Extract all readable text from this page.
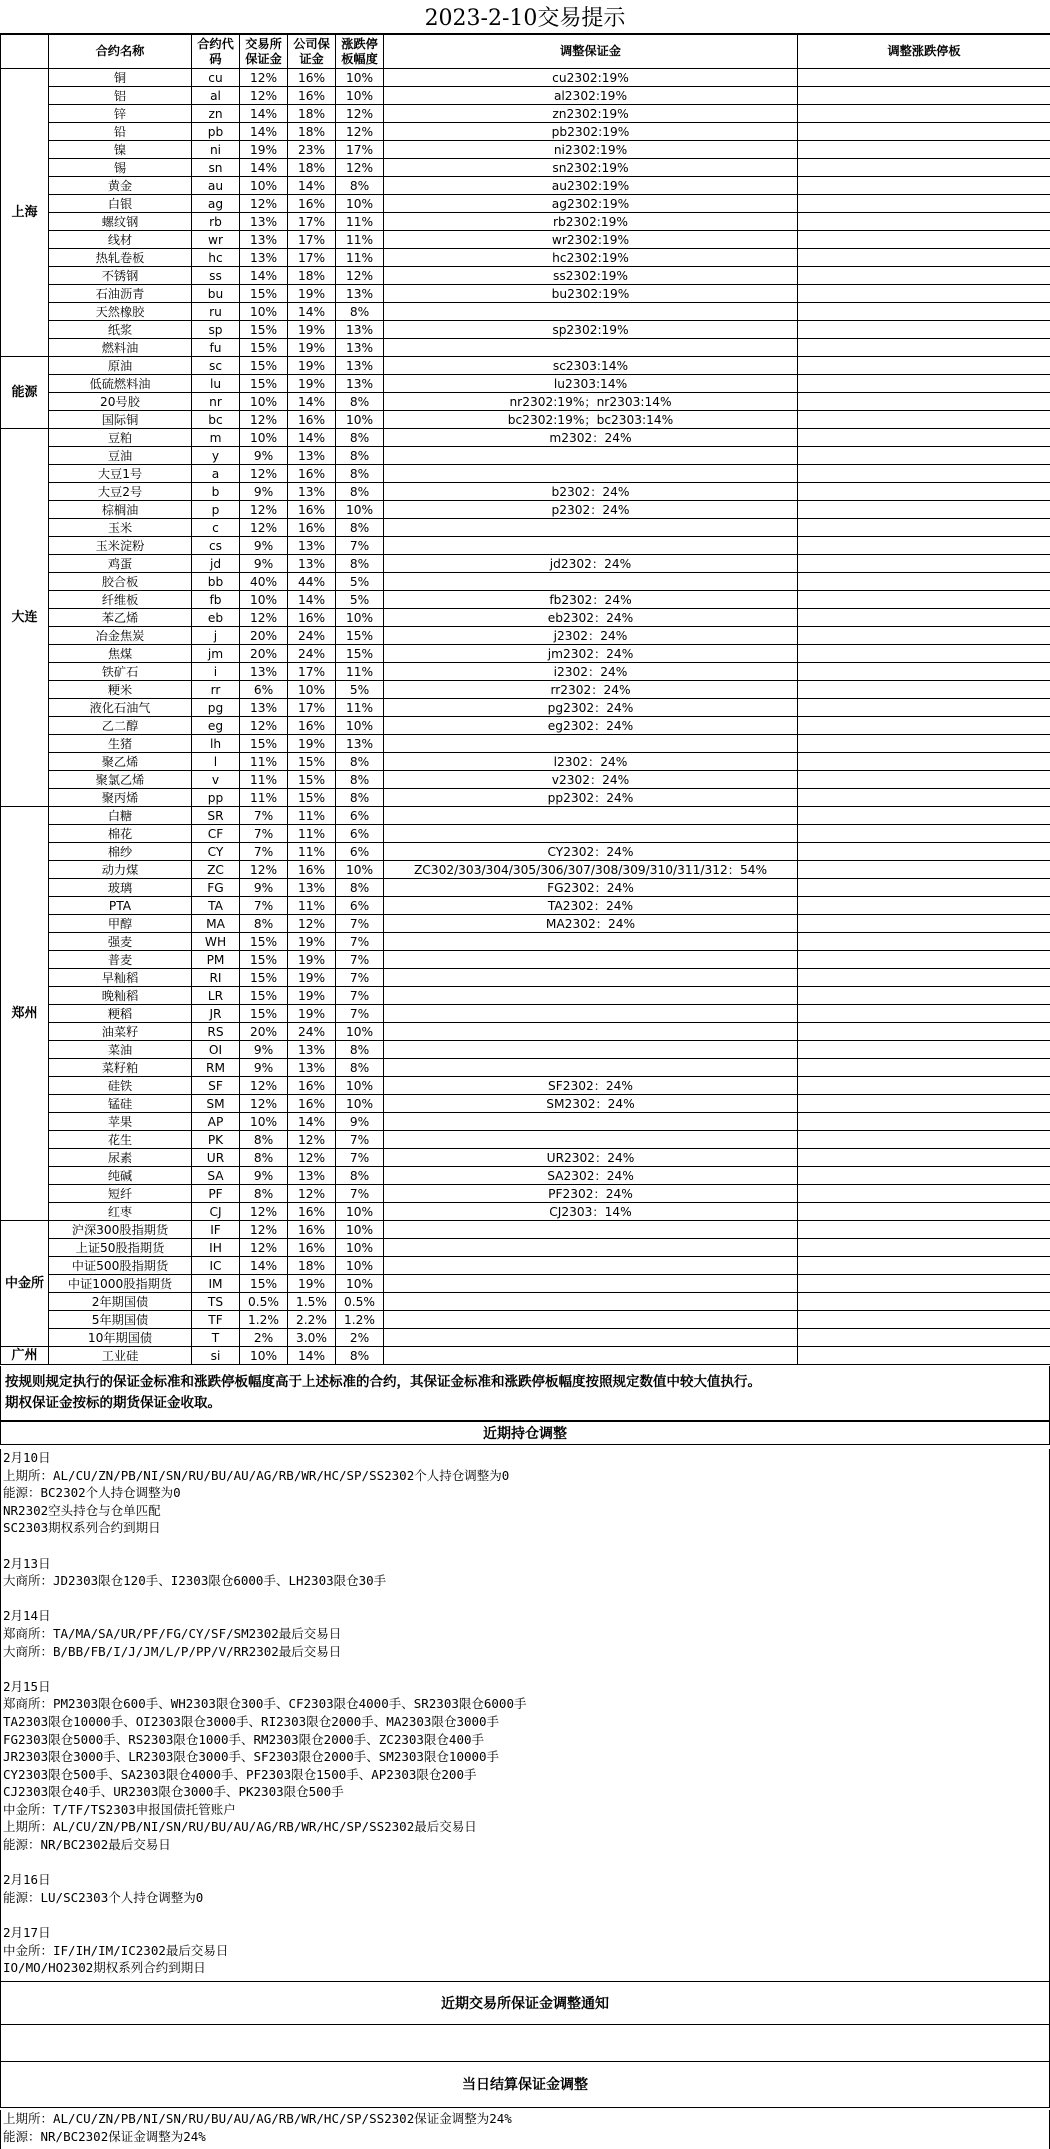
2023-2-10交易提示
	合约名称	合约代码	交易所保证金	公司保证金	涨跌停板幅度	调整保证金	调整涨跌停板
上海	铜	cu	12%	16%	10%	cu2302:19%	
	铝	al	12%	16%	10%	al2302:19%	
	锌	zn	14%	18%	12%	zn2302:19%	
	铅	pb	14%	18%	12%	pb2302:19%	
	镍	ni	19%	23%	17%	ni2302:19%	
	锡	sn	14%	18%	12%	sn2302:19%	
	黄金	au	10%	14%	8%	au2302:19%	
	白银	ag	12%	16%	10%	ag2302:19%	
	螺纹钢	rb	13%	17%	11%	rb2302:19%	
	线材	wr	13%	17%	11%	wr2302:19%	
	热轧卷板	hc	13%	17%	11%	hc2302:19%	
	不锈钢	ss	14%	18%	12%	ss2302:19%	
	石油沥青	bu	15%	19%	13%	bu2302:19%	
	天然橡胶	ru	10%	14%	8%		
	纸浆	sp	15%	19%	13%	sp2302:19%	
	燃料油	fu	15%	19%	13%		
能源	原油	sc	15%	19%	13%	sc2303:14%	
	低硫燃料油	lu	15%	19%	13%	lu2303:14%	
	20号胶	nr	10%	14%	8%	nr2302:19%；nr2303:14%	
	国际铜	bc	12%	16%	10%	bc2302:19%；bc2303:14%	
大连	豆粕	m	10%	14%	8%	m2302：24%	
	豆油	y	9%	13%	8%		
	大豆1号	a	12%	16%	8%		
	大豆2号	b	9%	13%	8%	b2302：24%	
	棕榈油	p	12%	16%	10%	p2302：24%	
	玉米	c	12%	16%	8%		
	玉米淀粉	cs	9%	13%	7%		
	鸡蛋	jd	9%	13%	8%	jd2302：24%	
	胶合板	bb	40%	44%	5%		
	纤维板	fb	10%	14%	5%	fb2302：24%	
	苯乙烯	eb	12%	16%	10%	eb2302：24%	
	冶金焦炭	j	20%	24%	15%	j2302：24%	
	焦煤	jm	20%	24%	15%	jm2302：24%	
	铁矿石	i	13%	17%	11%	i2302：24%	
	粳米	rr	6%	10%	5%	rr2302：24%	
	液化石油气	pg	13%	17%	11%	pg2302：24%	
	乙二醇	eg	12%	16%	10%	eg2302：24%	
	生猪	lh	15%	19%	13%		
	聚乙烯	l	11%	15%	8%	l2302：24%	
	聚氯乙烯	v	11%	15%	8%	v2302：24%	
	聚丙烯	pp	11%	15%	8%	pp2302：24%	
郑州	白糖	SR	7%	11%	6%		
	棉花	CF	7%	11%	6%		
	棉纱	CY	7%	11%	6%	CY2302：24%	
	动力煤	ZC	12%	16%	10%	ZC302/303/304/305/306/307/308/309/310/311/312：54%	
	玻璃	FG	9%	13%	8%	FG2302：24%	
	PTA	TA	7%	11%	6%	TA2302：24%	
	甲醇	MA	8%	12%	7%	MA2302：24%	
	强麦	WH	15%	19%	7%		
	普麦	PM	15%	19%	7%		
	早籼稻	RI	15%	19%	7%		
	晚籼稻	LR	15%	19%	7%		
	粳稻	JR	15%	19%	7%		
	油菜籽	RS	20%	24%	10%		
	菜油	OI	9%	13%	8%		
	菜籽粕	RM	9%	13%	8%		
	硅铁	SF	12%	16%	10%	SF2302：24%	
	锰硅	SM	12%	16%	10%	SM2302：24%	
	苹果	AP	10%	14%	9%		
	花生	PK	8%	12%	7%		
	尿素	UR	8%	12%	7%	UR2302：24%	
	纯碱	SA	9%	13%	8%	SA2302：24%	
	短纤	PF	8%	12%	7%	PF2302：24%	
	红枣	CJ	12%	16%	10%	CJ2303：14%	
中金所	沪深300股指期货	IF	12%	16%	10%		
	上证50股指期货	IH	12%	16%	10%		
	中证500股指期货	IC	14%	18%	10%		
	中证1000股指期货	IM	15%	19%	10%		
	2年期国债	TS	0.5%	1.5%	0.5%		
	5年期国债	TF	1.2%	2.2%	1.2%		
	10年期国债	T	2%	3.0%	2%		
广州	工业硅	si	10%	14%	8%		
按规则规定执行的保证金标准和涨跌停板幅度高于上述标准的合约，其保证金标准和涨跌停板幅度按照规定数值中较大值执行。
期权保证金按标的期货保证金收取。
近期持仓调整
2月10日
上期所：AL/CU/ZN/PB/NI/SN/RU/BU/AU/AG/RB/WR/HC/SP/SS2302个人持仓调整为0
能源：BC2302个人持仓调整为0
NR2302空头持仓与仓单匹配
SC2303期权系列合约到期日
2月13日
大商所：JD2303限仓120手、I2303限仓6000手、LH2303限仓30手
2月14日
郑商所：TA/MA/SA/UR/PF/FG/CY/SF/SM2302最后交易日
大商所：B/BB/FB/I/J/JM/L/P/PP/V/RR2302最后交易日
2月15日
郑商所：PM2303限仓600手、WH2303限仓300手、CF2303限仓4000手、SR2303限仓6000手
TA2303限仓10000手、OI2303限仓3000手、RI2303限仓2000手、MA2303限仓3000手
FG2303限仓5000手、RS2303限仓1000手、RM2303限仓2000手、ZC2303限仓400手
JR2303限仓3000手、LR2303限仓3000手、SF2303限仓2000手、SM2303限仓10000手
CY2303限仓500手、SA2303限仓4000手、PF2303限仓1500手、AP2303限仓200手
CJ2303限仓40手、UR2303限仓3000手、PK2303限仓500手
中金所：T/TF/TS2303申报国债托管账户
上期所：AL/CU/ZN/PB/NI/SN/RU/BU/AU/AG/RB/WR/HC/SP/SS2302最后交易日
能源：NR/BC2302最后交易日
2月16日
能源：LU/SC2303个人持仓调整为0
2月17日
中金所：IF/IH/IM/IC2302最后交易日
IO/MO/HO2302期权系列合约到期日
近期交易所保证金调整通知
当日结算保证金调整
上期所：AL/CU/ZN/PB/NI/SN/RU/BU/AU/AG/RB/WR/HC/SP/SS2302保证金调整为24%
能源：NR/BC2302保证金调整为24%
